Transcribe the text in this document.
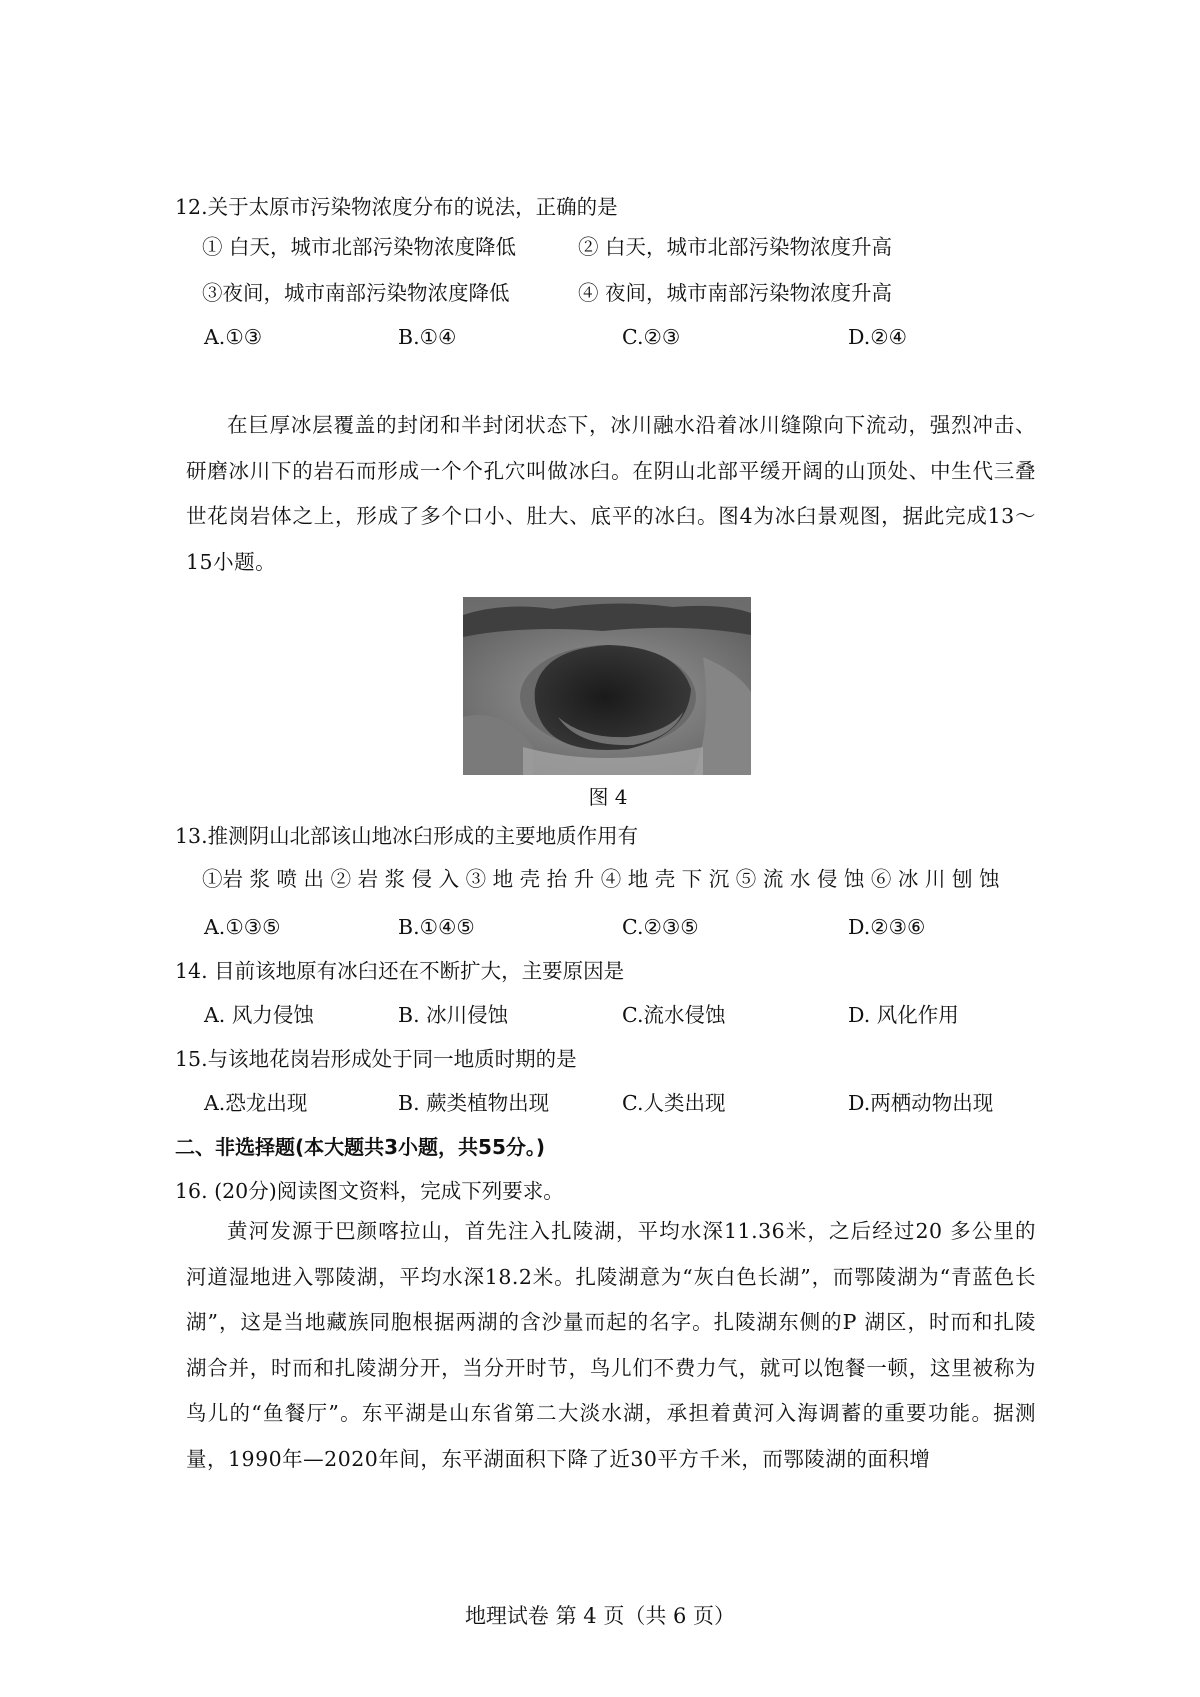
12.关于太原市污染物浓度分布的说法，正确的是
① 白天，城市北部污染物浓度降低	② 白天，城市北部污染物浓度升高
③夜间，城市南部污染物浓度降低	④ 夜间，城市南部污染物浓度升高
A.①③	B.①④	C.②③	D.②④
在巨厚冰层覆盖的封闭和半封闭状态下，冰川融水沿着冰川缝隙向下流动，强烈冲击、研磨冰川下的岩石而形成一个个孔穴叫做冰臼。在阴山北部平缓开阔的山顶处、中生代三叠世花岗岩体之上，形成了多个口小、肚大、底平的冰臼。图4为冰臼景观图，据此完成13～15小题。
图 4
13.推测阴山北部该山地冰臼形成的主要地质作用有
①岩 浆 喷 出 ② 岩 浆 侵 入 ③ 地 壳 抬 升 ④ 地 壳 下 沉 ⑤ 流 水 侵 蚀 ⑥ 冰 川 刨 蚀
A.①③⑤	B.①④⑤	C.②③⑤	D.②③⑥
14. 目前该地原有冰臼还在不断扩大，主要原因是
A. 风力侵蚀	B. 冰川侵蚀	C.流水侵蚀	D. 风化作用
15.与该地花岗岩形成处于同一地质时期的是
A.恐龙出现	B. 蕨类植物出现	C.人类出现	D.两栖动物出现
二、非选择题(本大题共3小题，共55分。)
16. (20分)阅读图文资料，完成下列要求。
黄河发源于巴颜喀拉山，首先注入扎陵湖，平均水深11.36米，之后经过20 多公里的河道湿地进入鄂陵湖，平均水深18.2米。扎陵湖意为“灰白色长湖”，而鄂陵湖为“青蓝色长湖”，这是当地藏族同胞根据两湖的含沙量而起的名字。扎陵湖东侧的P 湖区，时而和扎陵湖合并，时而和扎陵湖分开，当分开时节，鸟儿们不费力气，就可以饱餐一顿，这里被称为鸟儿的“鱼餐厅”。东平湖是山东省第二大淡水湖，承担着黄河入海调蓄的重要功能。据测量，1990年—2020年间，东平湖面积下降了近30平方千米，而鄂陵湖的面积增
地理试卷 第 4 页（共 6 页）
